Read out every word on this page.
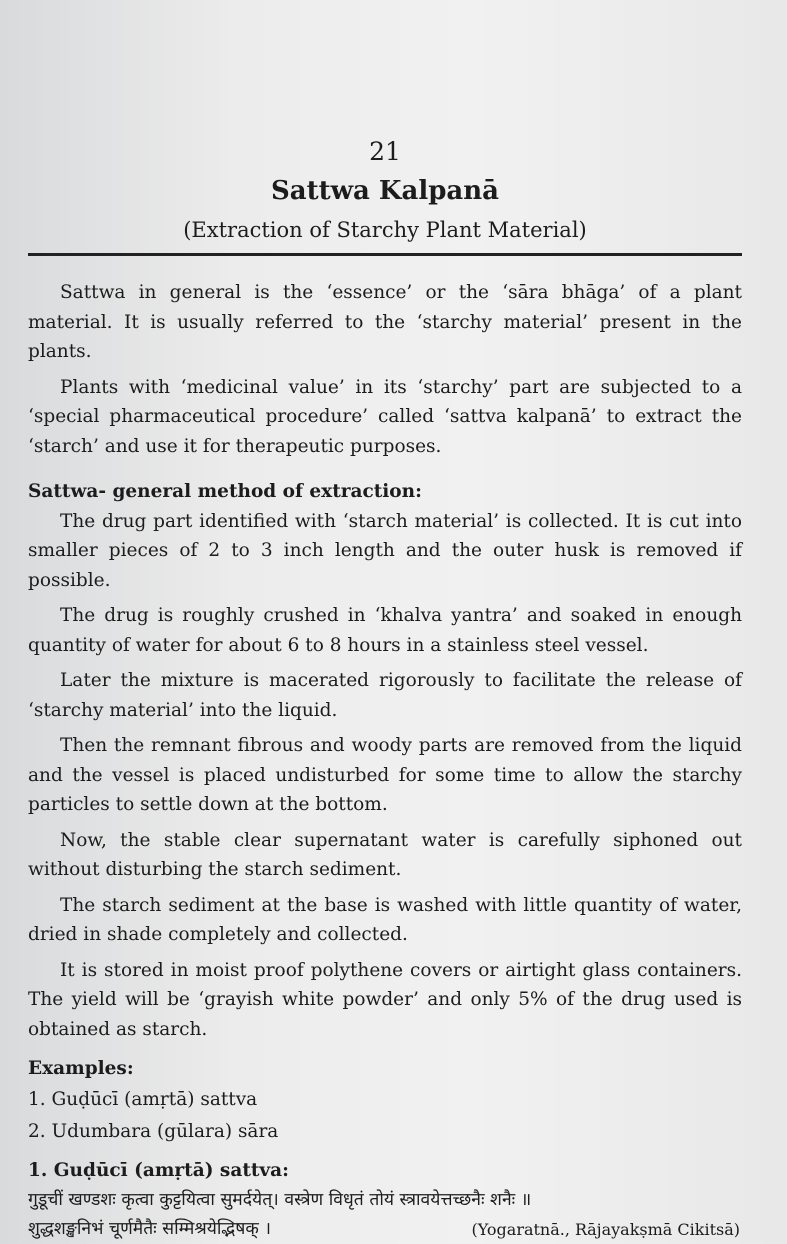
21

Sattwa Kalpanā

(Extraction of Starchy Plant Material)

Sattwa in general is the ‘essence’ or the ‘sāra bhāga’ of a plant material. It is usually referred to the ‘starchy material’ present in the plants.

Plants with ‘medicinal value’ in its ‘starchy’ part are subjected to a ‘special pharmaceutical procedure’ called ‘sattva kalpanā’ to extract the ‘starch’ and use it for therapeutic purposes.

Sattwa- general method of extraction:

The drug part identified with ‘starch material’ is collected. It is cut into smaller pieces of 2 to 3 inch length and the outer husk is removed if possible.

The drug is roughly crushed in ‘khalva yantra’ and soaked in enough quantity of water for about 6 to 8 hours in a stainless steel vessel.

Later the mixture is macerated rigorously to facilitate the release of ‘starchy material’ into the liquid.

Then the remnant fibrous and woody parts are removed from the liquid and the vessel is placed undisturbed for some time to allow the starchy particles to settle down at the bottom.

Now, the stable clear supernatant water is carefully siphoned out without disturbing the starch sediment.

The starch sediment at the base is washed with little quantity of water, dried in shade completely and collected.

It is stored in moist proof polythene covers or airtight glass containers. The yield will be ‘grayish white powder’ and only 5% of the drug used is obtained as starch.

Examples:

1. Guḍūcī (amṛtā) sattva

2. Udumbara (gūlara) sāra

1. Guḍūcī (amṛtā) sattva:

गुडूचीं खण्डशः कृत्वा कुट्टयित्वा सुमर्दयेत्। वस्त्रेण विधृतं तोयं स्त्रावयेत्तच्छनैः शनैः ॥

शुद्धशङ्खनिभं चूर्णमैतैः सम्मिश्रयेद्भिषक् ।	(Yogaratnā., Rājayakṣmā Cikitsā)
